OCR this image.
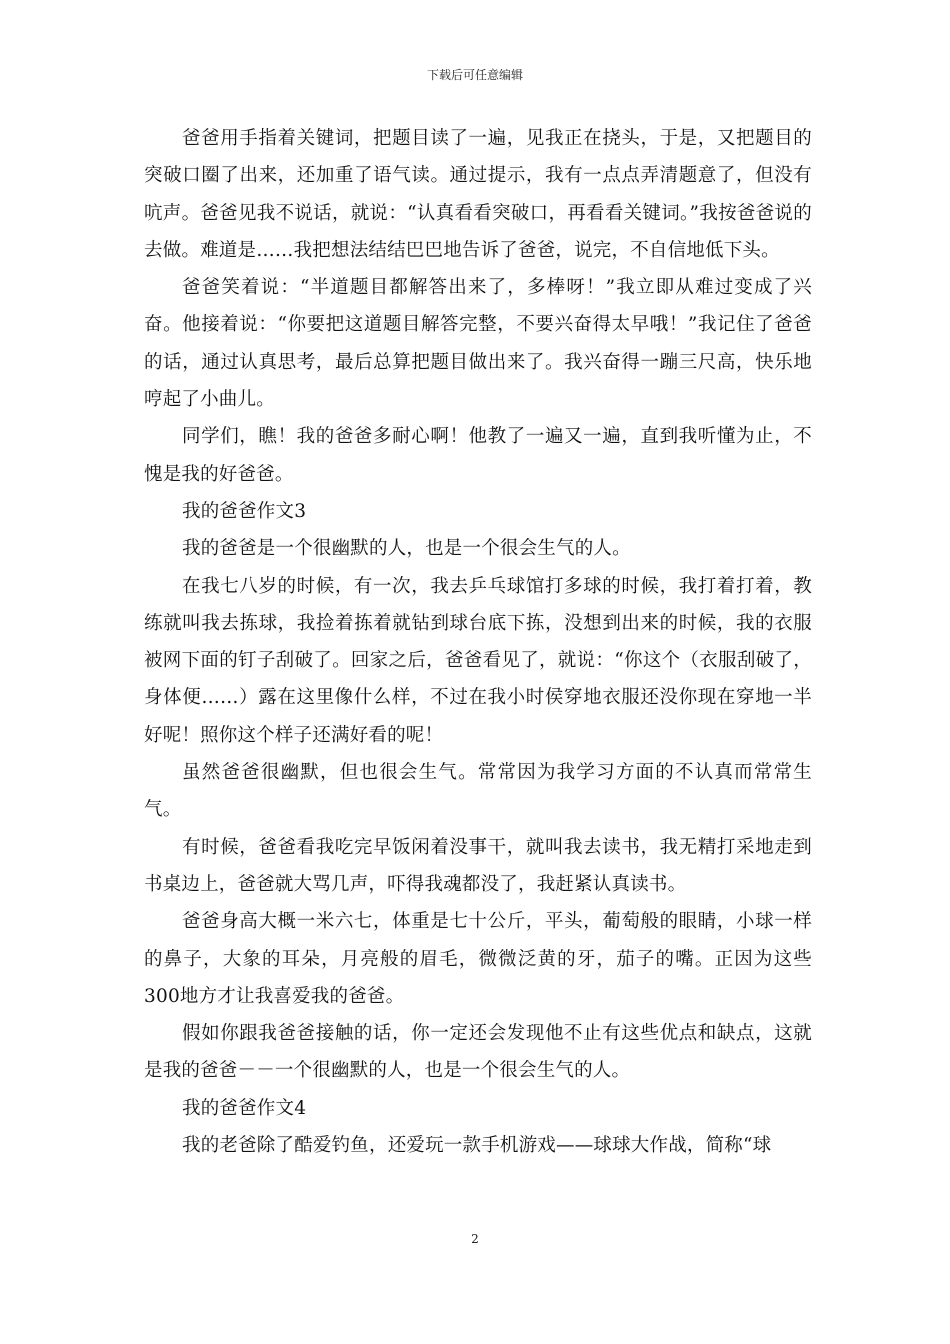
下载后可任意编辑

爸爸用手指着关键词，把题目读了一遍，见我正在挠头，于是，又把题目的突破口圈了出来，还加重了语气读。通过提示，我有一点点弄清题意了，但没有吭声。爸爸见我不说话，就说：“认真看看突破口，再看看关键词。”我按爸爸说的去做。难道是……我把想法结结巴巴地告诉了爸爸，说完，不自信地低下头。

爸爸笑着说：“半道题目都解答出来了，多棒呀！”我立即从难过变成了兴奋。他接着说：“你要把这道题目解答完整，不要兴奋得太早哦！”我记住了爸爸的话，通过认真思考，最后总算把题目做出来了。我兴奋得一蹦三尺高，快乐地哼起了小曲儿。

同学们，瞧！我的爸爸多耐心啊！他教了一遍又一遍，直到我听懂为止，不愧是我的好爸爸。

我的爸爸作文3

我的爸爸是一个很幽默的人，也是一个很会生气的人。

在我七八岁的时候，有一次，我去乒乓球馆打多球的时候，我打着打着，教练就叫我去拣球，我捡着拣着就钻到球台底下拣，没想到出来的时候，我的衣服被网下面的钉子刮破了。回家之后，爸爸看见了，就说：“你这个（衣服刮破了，身体便……）露在这里像什么样，不过在我小时侯穿地衣服还没你现在穿地一半好呢！照你这个样子还满好看的呢！

虽然爸爸很幽默，但也很会生气。常常因为我学习方面的不认真而常常生气。

有时候，爸爸看我吃完早饭闲着没事干，就叫我去读书，我无精打采地走到书桌边上，爸爸就大骂几声，吓得我魂都没了，我赶紧认真读书。

爸爸身高大概一米六七，体重是七十公斤，平头，葡萄般的眼睛，小球一样的鼻子，大象的耳朵，月亮般的眉毛，微微泛黄的牙，茄子的嘴。正因为这些300地方才让我喜爱我的爸爸。

假如你跟我爸爸接触的话，你一定还会发现他不止有这些优点和缺点，这就是我的爸爸－－一个很幽默的人，也是一个很会生气的人。

我的爸爸作文4

我的老爸除了酷爱钓鱼，还爱玩一款手机游戏——球球大作战，简称“球

2
